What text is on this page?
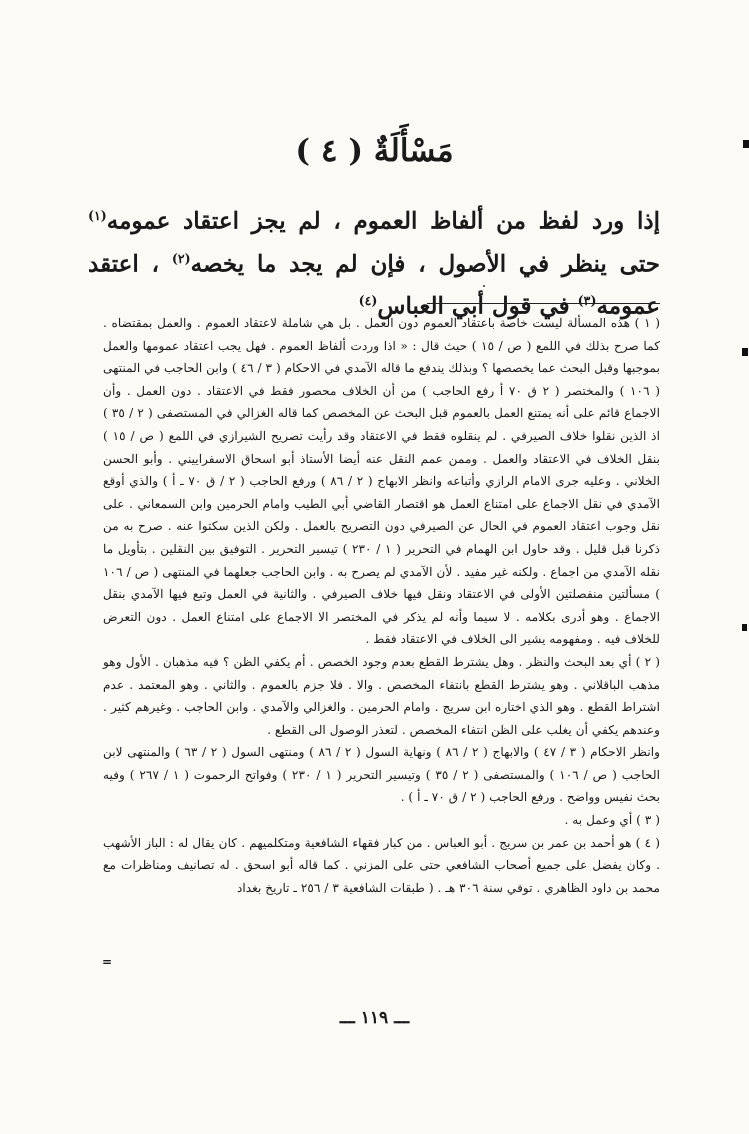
مَسْأَلَةٌ ( ٤ )
إذا ورد لفظ من ألفاظ العموم ، لم يجز اعتقاد عمومه$^{(١)}$ حتى ينظر في الأصول ، فإن لم يجد ما يخصه$^{(٢)}$ ، اعتقد عمومه$^{(٣)}$ في قول أبي العباس$^{(٤)}$

( ١ ) هذه المسألة ليست خاصة باعتقاد العموم دون العمل . بل هي شاملة لاعتقاد العموم . والعمل بمقتضاه . كما صرح بذلك في اللمع ( ص / ١٥ ) حيث قال : « اذا وردت ألفاظ العموم . فهل يجب اعتقاد عمومها والعمل بموجبها وقبل البحث عما يخصصها ؟ وبذلك يندفع ما قاله الآمدي في الاحكام ( ٣ / ٤٦ ) وابن الحاجب في المنتهى ( ١٠٦ ) والمختصر ( ٢ ق ٧٠ أ رفع الحاجب ) من أن الخلاف محصور فقط في الاعتقاد . دون العمل . وأن الاجماع قائم على أنه يمتنع العمل بالعموم قبل البحث عن المخصص كما قاله الغزالي في المستصفى ( ٢ / ٣٥ ) اذ الذين نقلوا خلاف الصيرفي . لم ينقلوه فقط في الاعتقاد وقد رأيت تصريح الشيرازي في اللمع ( ص / ١٥ ) بنقل الخلاف في الاعتقاد والعمل . وممن عمم النقل عنه أيضا الأستاذ أبو اسحاق الاسفراييني . وأبو الحسن الخلاني . وعليه جرى الامام الرازي وأتباعه وانظر الابهاج ( ٢ / ٨٦ ) ورفع الحاجب ( ٢ / ق ٧٠ ـ أ ) والذي أوقع الآمدي في نقل الاجماع على امتناع العمل هو اقتصار القاضي أبي الطيب وامام الحرمين وابن السمعاني . على نقل وجوب اعتقاد العموم في الحال عن الصيرفي دون التصريح بالعمل . ولكن الذين سكتوا عنه . صرح به من ذكرنا قبل قليل . وقد حاول ابن الهمام في التحرير ( ١ / ٢٣٠ ) تيسير التحرير . التوفيق بين النقلين . بتأويل ما نقله الآمدي من اجماع . ولكنه غير مفيد . لأن الآمدي لم يصرح به . وابن الحاجب جعلهما في المنتهى ( ص / ١٠٦ ) مسألتين منفصلتين الأولى في الاعتقاد ونقل فيها خلاف الصيرفي . والثانية في العمل وتبع فيها الآمدي بنقل الاجماع . وهو أدرى بكلامه . لا سيما وأنه لم يذكر في المختصر الا الاجماع على امتناع العمل . دون التعرض للخلاف فيه . ومفهومه يشير الى الخلاف في الاعتقاد فقط .

( ٢ ) أي بعد البحث والنظر . وهل يشترط القطع بعدم وجود الخصص . أم يكفي الظن ؟ فيه مذهبان . الأول وهو مذهب الباقلاني . وهو يشترط القطع بانتفاء المخصص . والا . فلا جزم بالعموم . والثاني . وهو المعتمد . عدم اشتراط القطع . وهو الذي اختاره ابن سريج . وامام الحرمين . والغزالي والآمدي . وابن الحاجب . وغيرهم كثير . وعندهم يكفي أن يغلب على الظن انتفاء المخصص . لتعذر الوصول الى القطع .

وانظر الاحكام ( ٣ / ٤٧ ) والابهاج ( ٢ / ٨٦ ) ونهاية السول ( ٢ / ٨٦ ) ومنتهى السول ( ٢ / ٦٣ ) والمنتهى لابن الحاجب ( ص / ١٠٦ ) والمستصفى ( ٢ / ٣٥ ) وتيسير التحرير ( ١ / ٢٣٠ ) وفواتح الرحموت ( ١ / ٢٦٧ ) وفيه بحث نفيس وواضح . ورفع الحاجب ( ٢ / ق ٧٠ ـ أ ) .

( ٣ ) أي وعمل به .

( ٤ ) هو أحمد بن عمر بن سريج . أبو العباس . من كبار فقهاء الشافعية ومتكلميهم . كان يقال له : الباز الأشهب . وكان يفضل على جميع أصحاب الشافعي حتى على المزني . كما قاله أبو اسحق . له تصانيف ومناظرات مع محمد بن داود الظاهري . توفي سنة ٣٠٦ هـ . ( طبقات الشافعية ٣ / ٢٥٦ ـ تاريخ بغداد

=
ـــ ١١٩ ـــ
